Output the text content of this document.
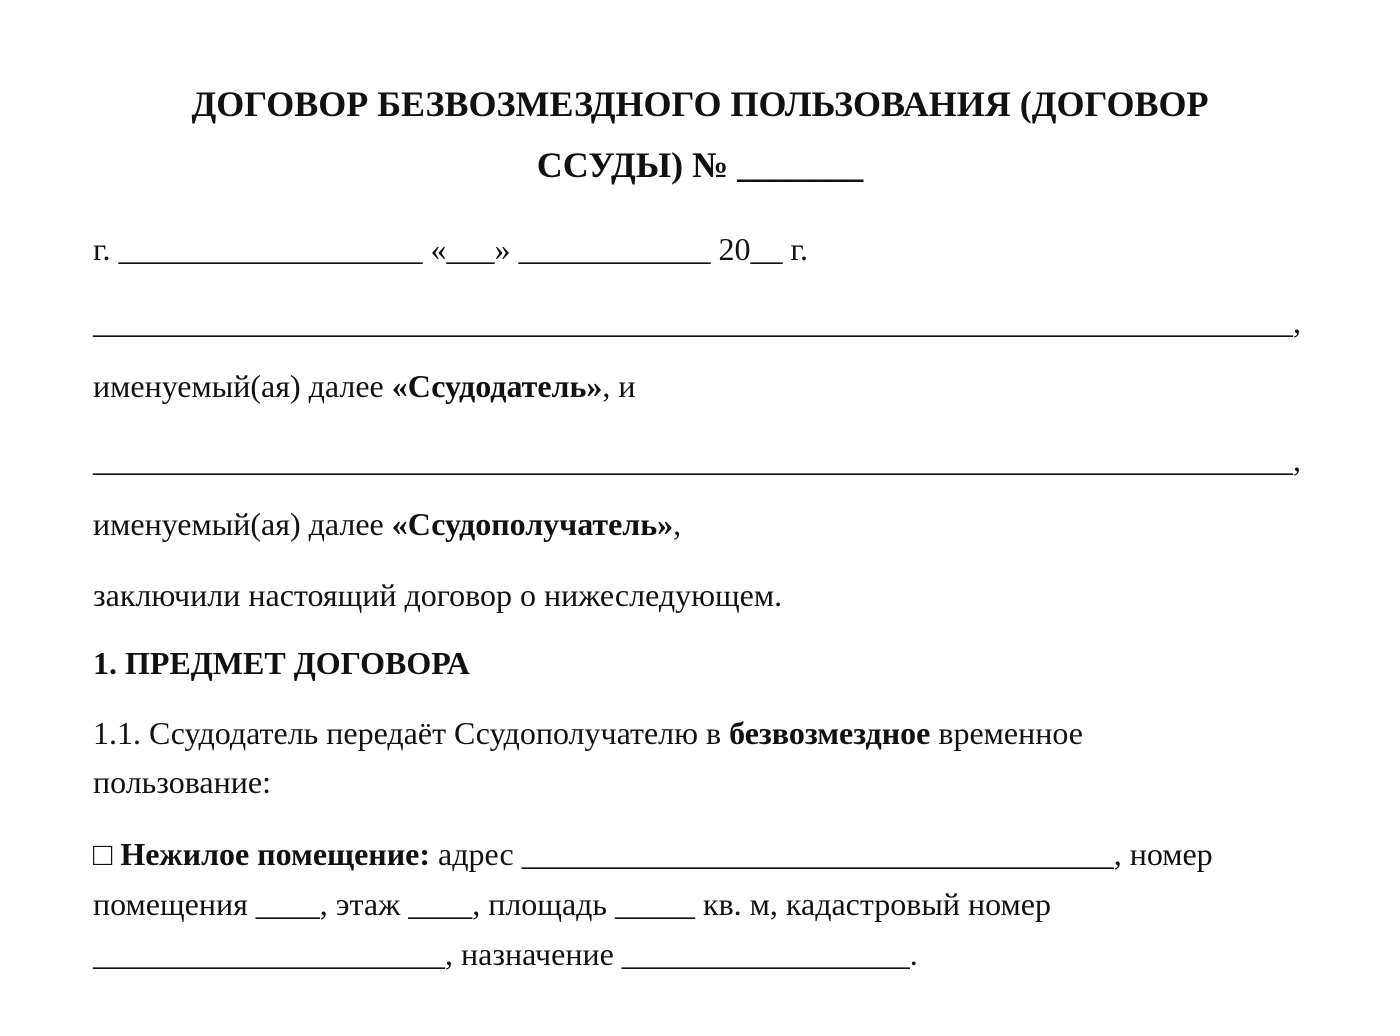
ДОГОВОР БЕЗВОЗМЕЗДНОГО ПОЛЬЗОВАНИЯ (ДОГОВОР
ССУДЫ) № _______
г. ___________________ «___» ____________ 20__ г.
___________________________________________________________________________,
именуемый(ая) далее «Ссудодатель», и
___________________________________________________________________________,
именуемый(ая) далее «Ссудополучатель»,
заключили настоящий договор о нижеследующем.
1. ПРЕДМЕТ ДОГОВОРА
1.1. Ссудодатель передаёт Ссудополучателю в безвозмездное временное
пользование:
□ Нежилое помещение: адрес _____________________________________, номер
помещения ____, этаж ____, площадь _____ кв. м, кадастровый номер
______________________, назначение __________________.
